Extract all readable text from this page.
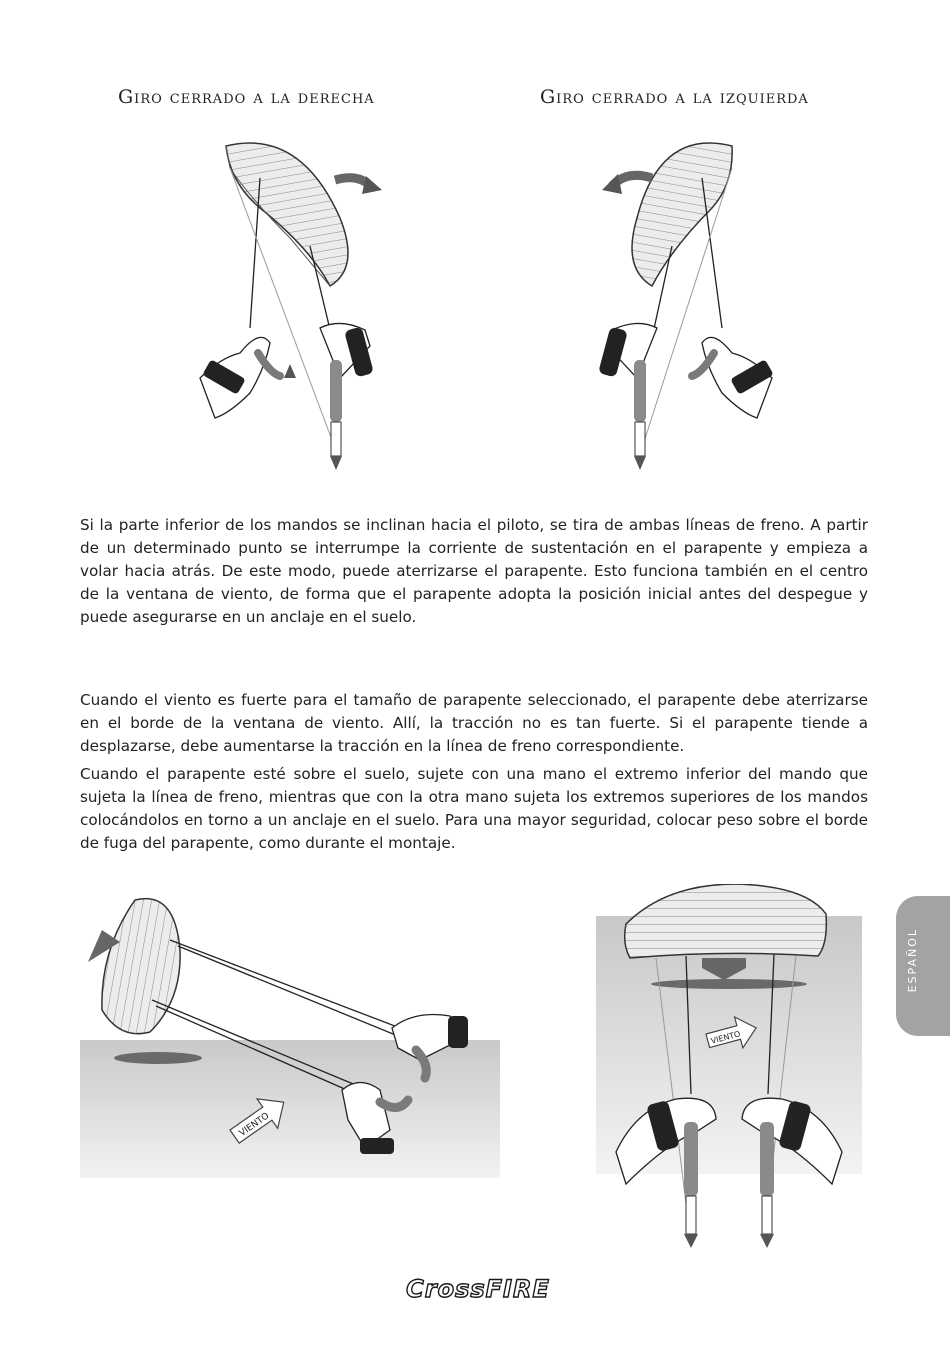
Giro cerrado a la derecha	Giro cerrado a la izquierda

Si la parte inferior de los mandos se inclinan hacia el piloto, se tira de ambas líneas de freno. A partir de un determinado punto se interrumpe la corriente de sustentación en el parapente y empieza a volar hacia atrás. De este modo, puede aterrizarse el parapente. Esto funciona también en el centro de la ventana de viento, de forma que el parapente adopta la posición inicial antes del despegue y puede asegurarse en un anclaje en el suelo.

Cuando el viento es fuerte para el tamaño de parapente seleccionado, el parapente debe aterrizarse en el borde de la ventana de viento. Allí, la tracción no es tan fuerte. Si el parapente tiende a desplazarse, debe aumentarse la tracción en la línea de freno correspondiente.

Cuando el parapente esté sobre el suelo, sujete con una mano el extremo inferior del mando que sujeta la línea de freno, mientras que con la otra mano sujeta los extremos superiores de los mandos colocándolos en torno a un anclaje en el suelo. Para una mayor seguridad, colocar peso sobre el borde de fuga del parapente, como durante el montaje.

VIENTO
VIENTO
ESPAÑOL
CrossFIRE
